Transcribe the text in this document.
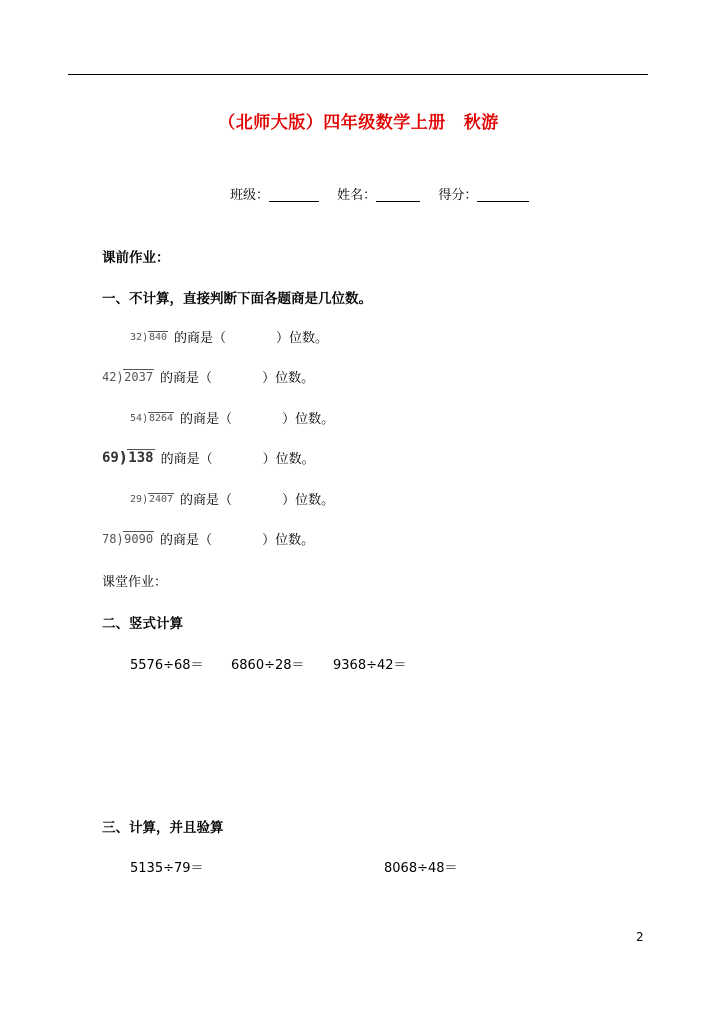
（北师大版）四年级数学上册 秋游
班级：	姓名：	得分：
课前作业：
一、不计算，直接判断下面各题商是几位数。
32 ) 840 的商是（	）位数。
42 ) 2037 的商是（	）位数。
54 ) 8264 的商是（	）位数。
69 ) 138 的商是（	）位数。
29 ) 2407 的商是（	）位数。
78 ) 9090 的商是（	）位数。
课堂作业：
二、竖式计算
5576÷68＝ 6860÷28＝ 9368÷42＝
三、计算，并且验算
5135÷79＝	8068÷48＝
2
